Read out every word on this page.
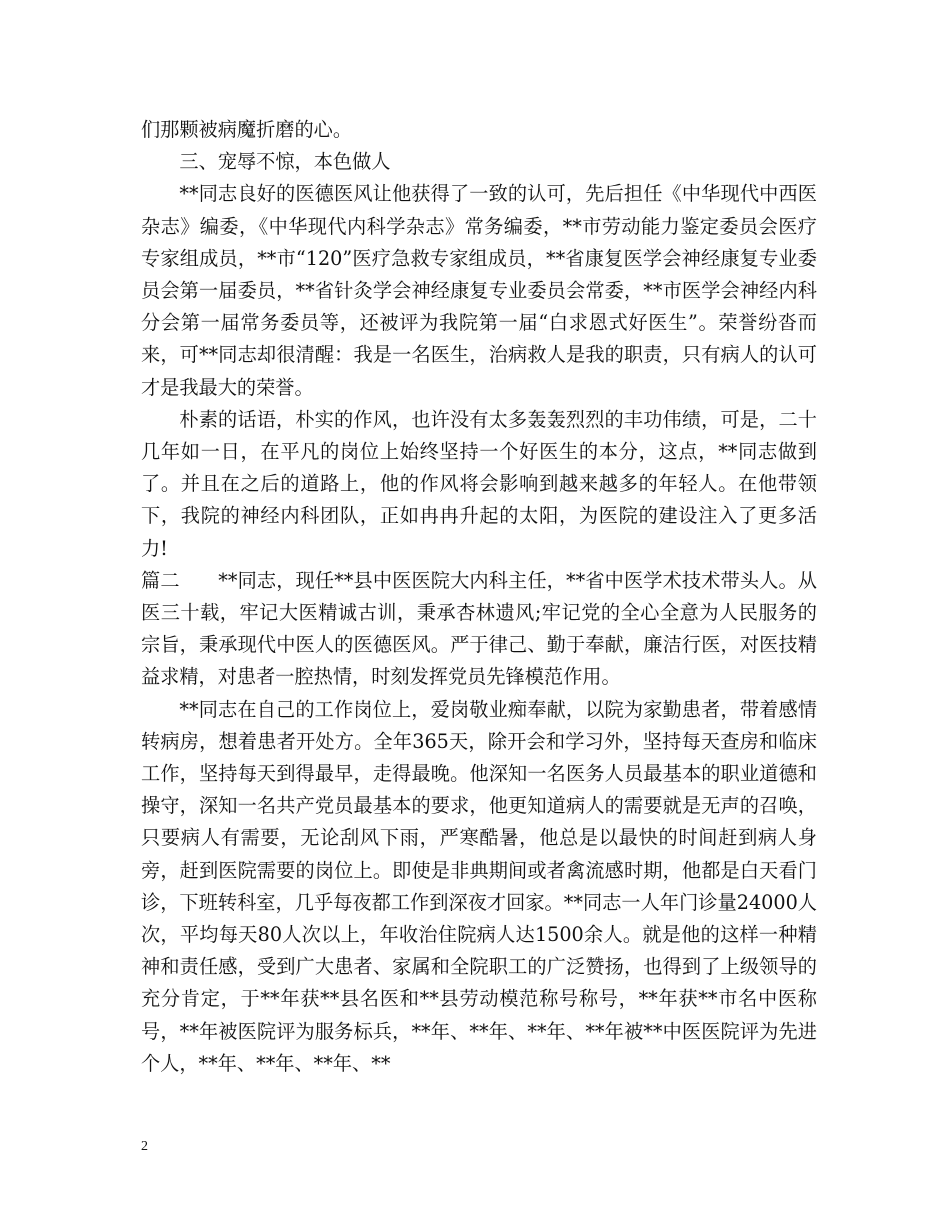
们那颗被病魔折磨的心。

三、宠辱不惊，本色做人

**同志良好的医德医风让他获得了一致的认可，先后担任《中华现代中西医杂志》编委，《中华现代内科学杂志》常务编委，**市劳动能力鉴定委员会医疗专家组成员，**市“120”医疗急救专家组成员，**省康复医学会神经康复专业委员会第一届委员，**省针灸学会神经康复专业委员会常委，**市医学会神经内科分会第一届常务委员等，还被评为我院第一届“白求恩式好医生”。荣誉纷沓而来，可**同志却很清醒：我是一名医生，治病救人是我的职责，只有病人的认可才是我最大的荣誉。

朴素的话语，朴实的作风，也许没有太多轰轰烈烈的丰功伟绩，可是，二十几年如一日，在平凡的岗位上始终坚持一个好医生的本分，这点，**同志做到了。并且在之后的道路上，他的作风将会影响到越来越多的年轻人。在他带领下，我院的神经内科团队，正如冉冉升起的太阳，为医院的建设注入了更多活力!

篇二　　**同志，现任**县中医医院大内科主任，**省中医学术技术带头人。从医三十载，牢记大医精诚古训，秉承杏林遗风;牢记党的全心全意为人民服务的宗旨，秉承现代中医人的医德医风。严于律己、勤于奉献，廉洁行医，对医技精益求精，对患者一腔热情，时刻发挥党员先锋模范作用。

**同志在自己的工作岗位上，爱岗敬业痴奉献，以院为家勤患者，带着感情转病房，想着患者开处方。全年365天，除开会和学习外，坚持每天查房和临床工作，坚持每天到得最早，走得最晚。他深知一名医务人员最基本的职业道德和操守，深知一名共产党员最基本的要求，他更知道病人的需要就是无声的召唤，只要病人有需要，无论刮风下雨，严寒酷暑，他总是以最快的时间赶到病人身旁，赶到医院需要的岗位上。即使是非典期间或者禽流感时期，他都是白天看门诊，下班转科室，几乎每夜都工作到深夜才回家。**同志一人年门诊量24000人次，平均每天80人次以上，年收治住院病人达1500余人。就是他的这样一种精神和责任感，受到广大患者、家属和全院职工的广泛赞扬，也得到了上级领导的充分肯定，于**年获**县名医和**县劳动模范称号称号，**年获**市名中医称号，**年被医院评为服务标兵，**年、**年、**年、**年被**中医医院评为先进个人，**年、**年、**年、**

2
